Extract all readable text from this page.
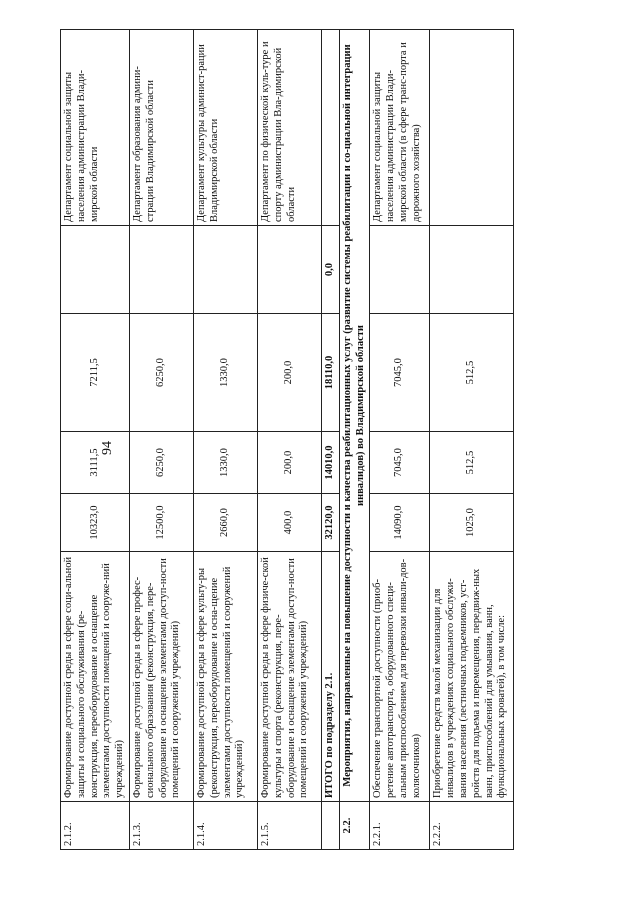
94
2.1.2.	Формирование доступной среды в сфере соци-альной защиты и социального обслуживания (ре-конструкция, переоборудование и оснащение элементами доступности помещений и сооруже-ний учреждений)	10323,0	3111,5	7211,5		Департамент социальной защиты населения администрации Влади-мирской области
2.1.3.	Формирование доступной среды в сфере профес-сионального образования (реконструкция, пере-оборудование и оснащение элементами доступ-ности помещений и сооружений учреждений)	12500,0	6250,0	6250,0		Департамент образования админи-страции Владимирской области
2.1.4.	Формирование доступной среды в сфере культу-ры (реконструкция, переоборудование и осна-щение элементами доступности помещений и сооружений учреждений)	2660,0	1330,0	1330,0		Департамент культуры админист-рации Владимирской области
2.1.5.	Формирование доступной среды в сфере физиче-ской культуры и спорта (реконструкция, пере-оборудование и оснащение элементами доступ-ности помещений и сооружений учреждений)	400,0	200,0	200,0		Департамент по физической куль-туре и спорту администрации Вла-димирской области
	ИТОГО по подразделу 2.1.	32120,0	14010,0	18110,0	0,0	
2.2.	Мероприятия, направленные на повышение доступности и качества реабилитационных услуг (развитие системы реабилитации и со-циальной интеграции инвалидов) во Владимирской области					
2.2.1.	Обеспечение транспортной доступности (приоб-ретение автотранспорта, оборудованного специ-альным приспособлением для перевозки инвали-дов-колясочников)	14090,0	7045,0	7045,0		Департамент социальной защиты населения администрации Влади-мирской области (в сфере транс-порта и дорожного хозяйства)
2.2.2.	Приобретение средств малой механизации для инвалидов в учреждениях социального обслужи-вания населения (лестничных подъемников, уст-ройств для подъема и перемещения, передвиж-ных ванн, приспособлений для умывания, ванн, функциональных кроватей), в том числе:	1025,0	512,5	512,5		
